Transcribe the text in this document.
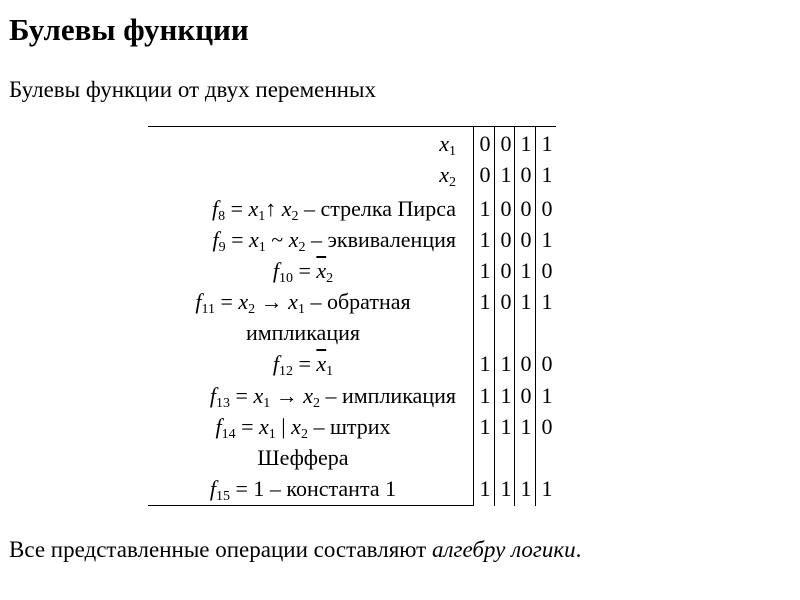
Булевы функции
Булевы функции от двух переменных
$x_1$ 0 0 1 1
$x_2$ 0 1 0 1
$f_8$ = $x_1↑$ $x_2$ – стрелка Пирса 1 0 0 0
$f_9 = x_1$ ~ $x_2$ – эквиваленция 1 0 0 1
$f_{10} = \overline{x}_2$	1 0 1 0
$f_{11} = x_2 \to x_1$ – обратная
импликация
1 0 1 1
$f_{12} = \overline{x}_1$	1 1 0 0
$f_{13} = x_1 \to x_2$ – импликация 1 1 0 1
$f_{14} = x_1$ | $x_2$ – штрих
Шеффера
1 1 1 0
$f_{15} = 1$ – константа 1	1 1 1 1
Все представленные операции составляют алгебру логики.
